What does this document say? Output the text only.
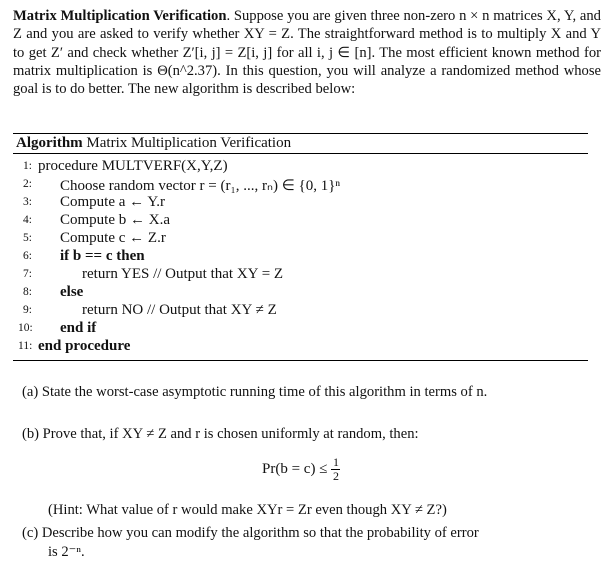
Matrix Multiplication Verification. Suppose you are given three non-zero n × n matrices X, Y, and Z and you are asked to verify whether XY = Z. The straightforward method is to multiply X and Y to get Z′ and check whether Z′[i, j] = Z[i, j] for all i, j ∈ [n]. The most efficient known method for matrix multiplication is Θ(n^2.37). In this question, you will analyze a randomized method whose goal is to do better. The new algorithm is described below:
Algorithm Matrix Multiplication Verification
1: procedure MULTVERF(X,Y,Z)
2: Choose random vector r = (r₁, ..., rₙ) ∈ {0, 1}ⁿ
3: Compute a ← Y.r
4: Compute b ← X.a
5: Compute c ← Z.r
6: if b == c then
7:	return YES // Output that XY = Z
8: else
9:	return NO // Output that XY ≠ Z
10: end if
11: end procedure
(a) State the worst-case asymptotic running time of this algorithm in terms of n.
(b) Prove that, if XY ≠ Z and r is chosen uniformly at random, then:
$Pr(b = c) \le \frac{1}{2}$
(Hint: What value of r would make XYr = Zr even though XY ≠ Z?)
(c) Describe how you can modify the algorithm so that the probability of error
is 2⁻ⁿ.
